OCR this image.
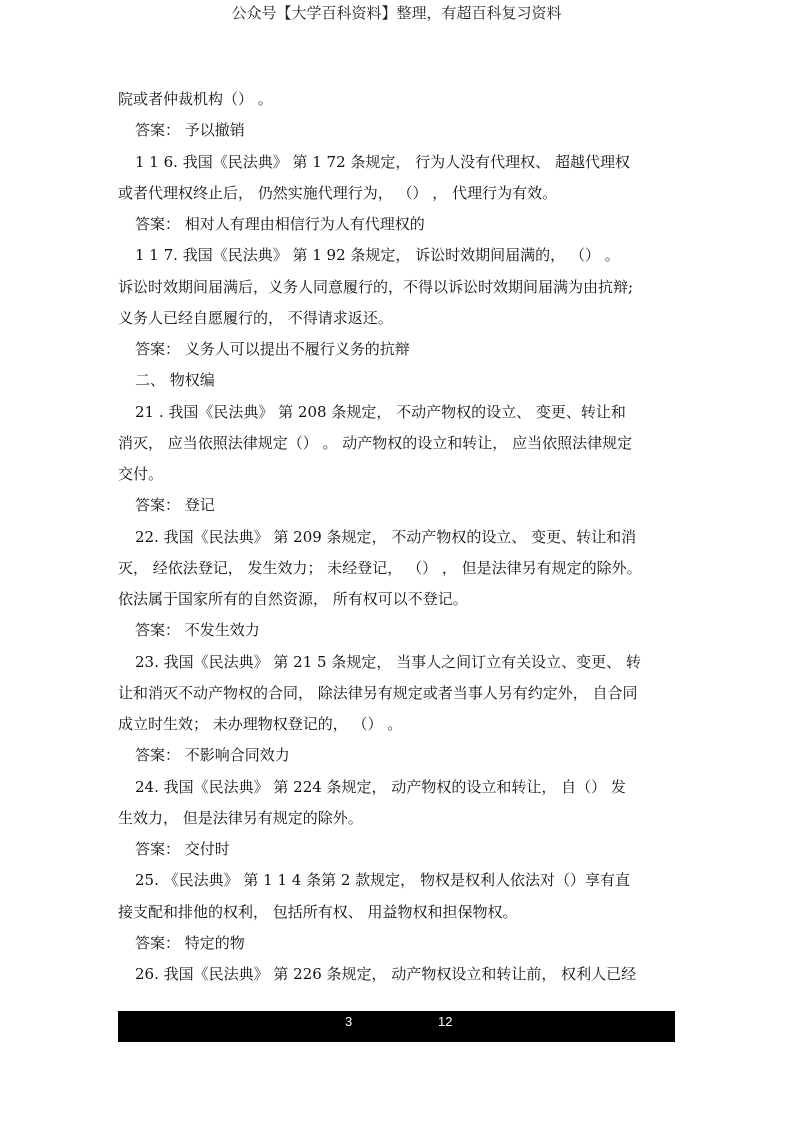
公众号【大学百科资料】整理，有超百科复习资料
院或者仲裁机构（） 。
答案： 予以撤销
1 1 6. 我国《民法典》 第 1 72 条规定， 行为人没有代理权、 超越代理权
或者代理权终止后， 仍然实施代理行为， （） ， 代理行为有效。
答案： 相对人有理由相信行为人有代理权的
1 1 7. 我国《民法典》 第 1 92 条规定， 诉讼时效期间届满的， （） 。
诉讼时效期间届满后，义务人同意履行的，不得以诉讼时效期间届满为由抗辩;
义务人已经自愿履行的， 不得请求返还。
答案： 义务人可以提出不履行义务的抗辩
二、 物权编
21 . 我国《民法典》 第 208 条规定， 不动产物权的设立、 变更、转让和
消灭， 应当依照法律规定（） 。 动产物权的设立和转让， 应当依照法律规定
交付。
答案： 登记
22. 我国《民法典》 第 209 条规定， 不动产物权的设立、 变更、转让和消
灭， 经依法登记， 发生效力； 未经登记， （） ， 但是法律另有规定的除外。
依法属于国家所有的自然资源， 所有权可以不登记。
答案： 不发生效力
23. 我国《民法典》 第 21 5 条规定， 当事人之间订立有关设立、变更、 转
让和消灭不动产物权的合同， 除法律另有规定或者当事人另有约定外， 自合同
成立时生效； 未办理物权登记的， （） 。
答案： 不影响合同效力
24. 我国《民法典》 第 224 条规定， 动产物权的设立和转让， 自（） 发
生效力， 但是法律另有规定的除外。
答案： 交付时
25. 《民法典》 第 1 1 4 条第 2 款规定， 物权是权利人依法对（）享有直
接支配和排他的权利， 包括所有权、 用益物权和担保物权。
答案： 特定的物
26. 我国《民法典》 第 226 条规定， 动产物权设立和转让前， 权利人已经
3	12
